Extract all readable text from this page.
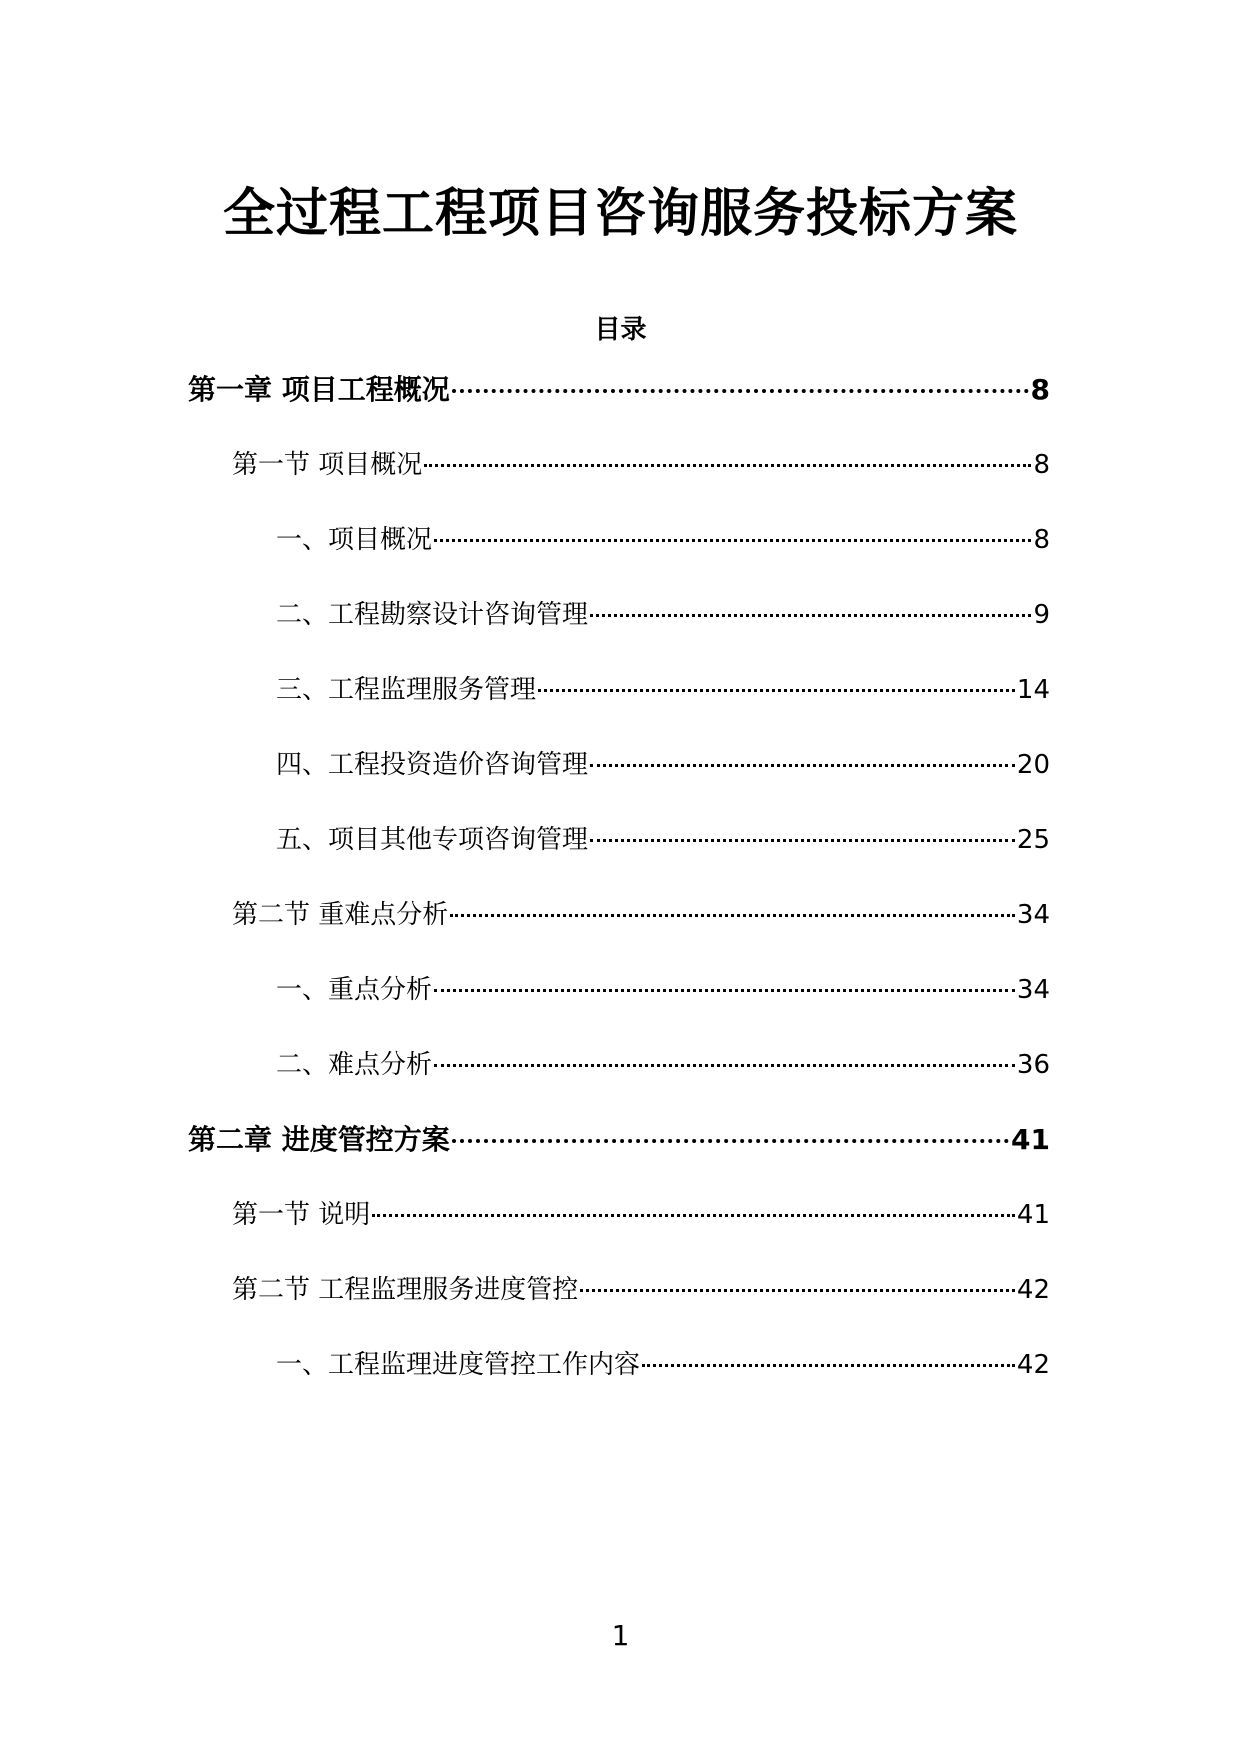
全过程工程项目咨询服务投标方案
目录
第一章 项目工程概况	8
第一节 项目概况	8
一、项目概况	8
二、工程勘察设计咨询管理	9
三、工程监理服务管理	14
四、工程投资造价咨询管理	20
五、项目其他专项咨询管理	25
第二节 重难点分析	34
一、重点分析	34
二、难点分析	36
第二章 进度管控方案	41
第一节 说明	41
第二节 工程监理服务进度管控	42
一、工程监理进度管控工作内容	42
1
